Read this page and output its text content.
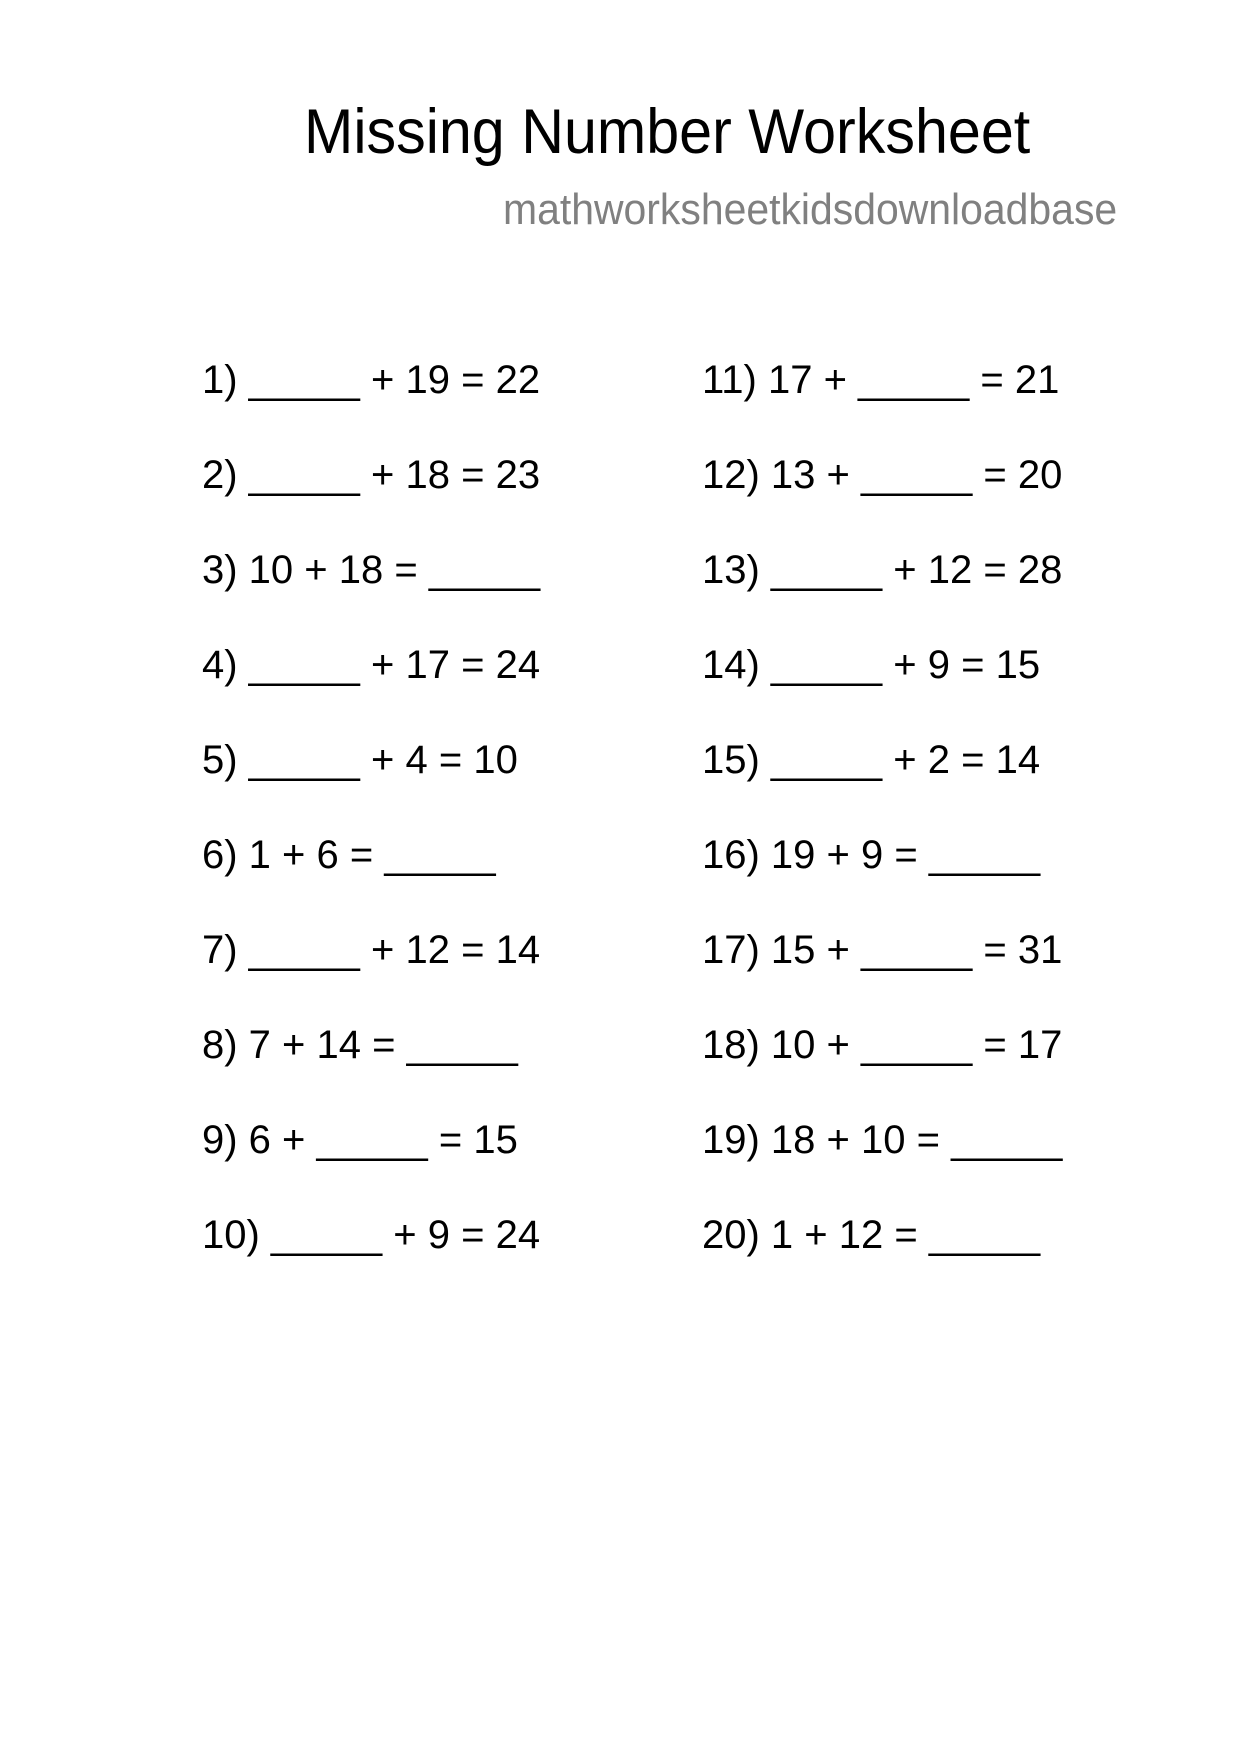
Missing Number Worksheet
mathworksheetkidsdownloadbase
1) _____ + 19 = 22
2) _____ + 18 = 23
3) 10 + 18 = _____
4) _____ + 17 = 24
5) _____ + 4 = 10
6) 1 + 6 = _____
7) _____ + 12 = 14
8) 7 + 14 = _____
9) 6 + _____ = 15
10) _____ + 9 = 24
11) 17 + _____ = 21
12) 13 + _____ = 20
13) _____ + 12 = 28
14) _____ + 9 = 15
15) _____ + 2 = 14
16) 19 + 9 = _____
17) 15 + _____ = 31
18) 10 + _____ = 17
19) 18 + 10 = _____
20) 1 + 12 = _____
